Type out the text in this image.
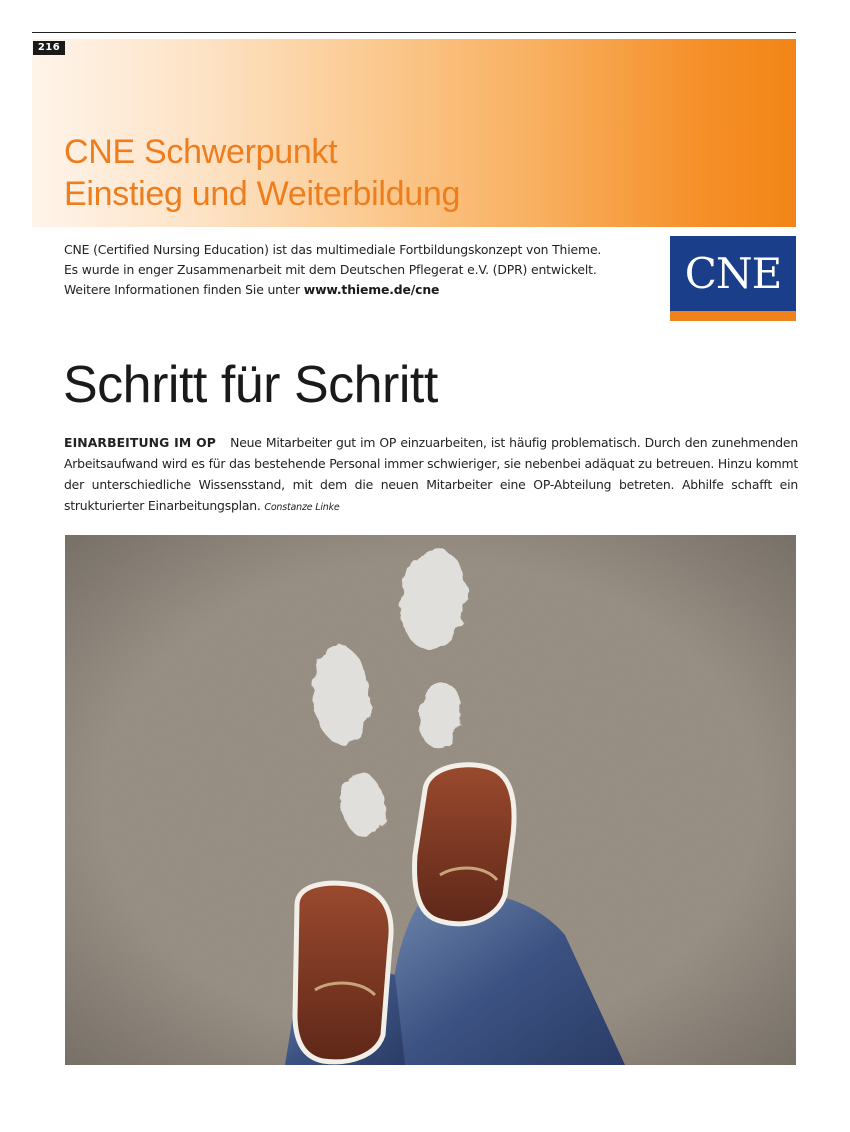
CNE Schwerpunkt
Einstieg und Weiterbildung
216

CNE (Certified Nursing Education) ist das multimediale Fortbildungskonzept von Thieme.

Es wurde in enger Zusammenarbeit mit dem Deutschen Pflegerat e.V. (DPR) entwickelt.

Weitere Informationen finden Sie unter www.thieme.de/cne	CNE
Schritt für Schritt

EINARBEITUNG IM OP Neue Mitarbeiter gut im OP einzuarbeiten, ist häufig problematisch. Durch den zunehmenden Arbeitsaufwand wird es für das bestehende Personal immer schwieriger, sie nebenbei adäquat zu betreuen. Hinzu kommt der unterschiedliche Wissensstand, mit dem die neuen Mitarbeiter eine OP-Abteilung betreten. Abhilfe schafft ein strukturierter Einarbeitungsplan. Constanze Linke
